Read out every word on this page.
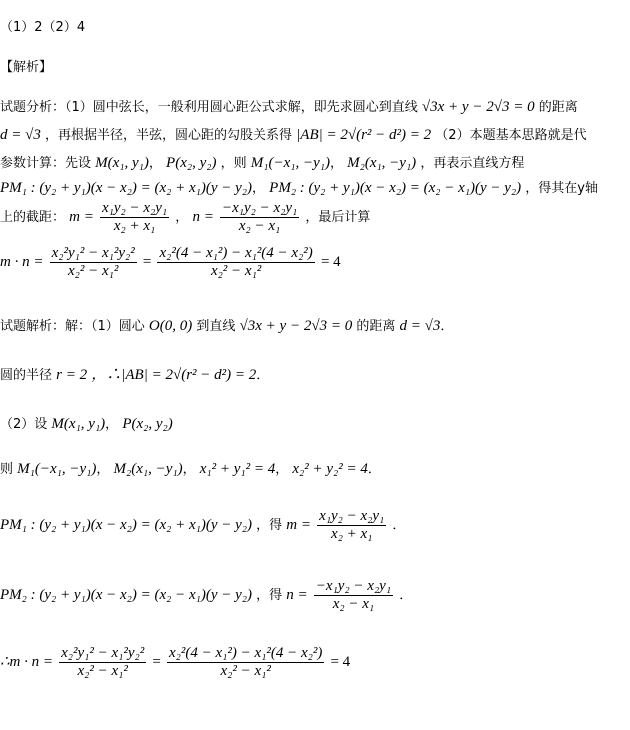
（1）2（2）4
【解析】
试题分析：（1）圆中弦长，一般利用圆心距公式求解，即先求圆心到直线 √3x + y − 2√3 = 0 的距离
d = √3 ，再根据半径，半弦，圆心距的勾股关系得 |AB| = 2√(r² − d²) = 2 （2）本题基本思路就是代
参数计算：先设 M(x₁, y₁)， P(x₂, y₂) ，则 M₁(−x₁, −y₁)， M₂(x₁, −y₁) ，再表示直线方程
PM₁ : (y₂ + y₁)(x − x₂) = (x₂ + x₁)(y − y₂)， PM₂ : (y₂ + y₁)(x − x₂) = (x₂ − x₁)(y − y₂) ，得其在y轴
上的截距： $m = \frac{\text{x₁y₂ − x₂y₁}}{\text{x₂ + x₁}}$ ， $n = \frac{\text{−x₁y₂ − x₂y₁}}{\text{x₂ − x₁}}$ ，最后计算
$m \cdot n = \frac{\text{x₂²y₁² − x₁²y₂²}}{\text{x₂² − x₁²}} = \frac{\text{x₂²(4 − x₁²) − x₁²(4 − x₂²)}}{\text{x₂² − x₁²}} = 4$
试题解析：解：（1）圆心 O(0, 0) 到直线 √3x + y − 2√3 = 0 的距离 d = √3．
圆的半径 r = 2 ，∴|AB| = 2√(r² − d²) = 2．
（2）设 M(x₁, y₁)， P(x₂, y₂)
则 M₁(−x₁, −y₁)， M₂(x₁, −y₁)， x₁² + y₁² = 4， x₂² + y₂² = 4．
PM₁ : (y₂ + y₁)(x − x₂) = (x₂ + x₁)(y − y₂) ，得 $m = \frac{\text{x₁y₂ − x₂y₁}}{\text{x₂ + x₁}}$ ．
PM₂ : (y₂ + y₁)(x − x₂) = (x₂ − x₁)(y − y₂) ，得 $n = \frac{\text{−x₁y₂ − x₂y₁}}{\text{x₂ − x₁}}$ ．
∴m · $n = \frac{\text{x₂²y₁² − x₁²y₂²}}{\text{x₂² − x₁²}} = \frac{\text{x₂²(4 − x₁²) − x₁²(4 − x₂²)}}{\text{x₂² − x₁²}} = 4$
